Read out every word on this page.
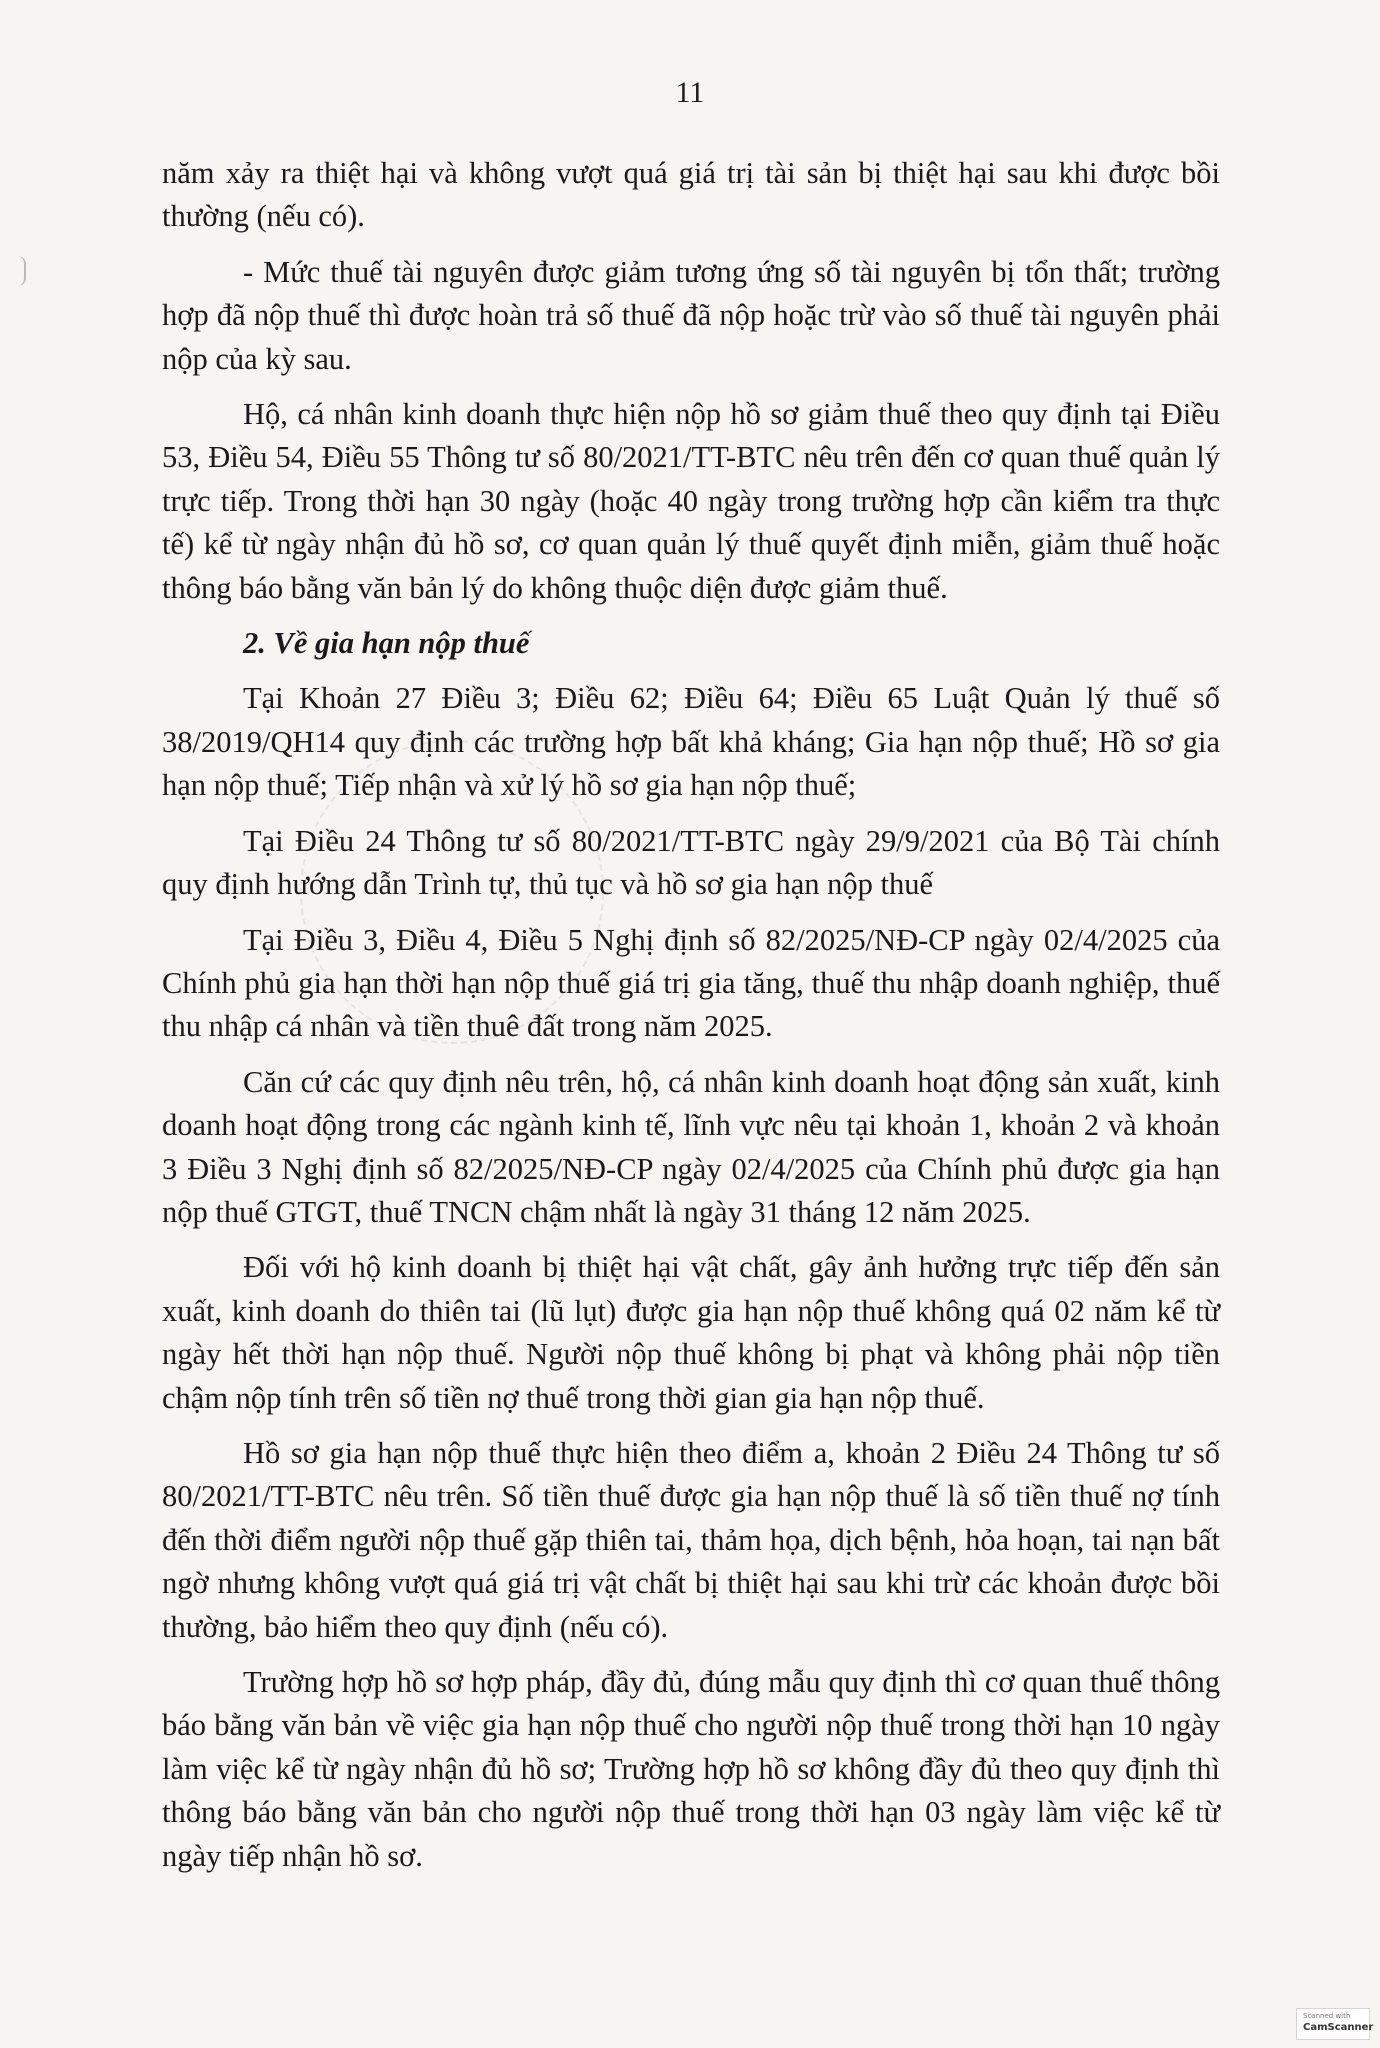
11

năm xảy ra thiệt hại và không vượt quá giá trị tài sản bị thiệt hại sau khi được bồi thường (nếu có).

- Mức thuế tài nguyên được giảm tương ứng số tài nguyên bị tổn thất; trường hợp đã nộp thuế thì được hoàn trả số thuế đã nộp hoặc trừ vào số thuế tài nguyên phải nộp của kỳ sau.

Hộ, cá nhân kinh doanh thực hiện nộp hồ sơ giảm thuế theo quy định tại Điều 53, Điều 54, Điều 55 Thông tư số 80/2021/TT-BTC nêu trên đến cơ quan thuế quản lý trực tiếp. Trong thời hạn 30 ngày (hoặc 40 ngày trong trường hợp cần kiểm tra thực tế) kể từ ngày nhận đủ hồ sơ, cơ quan quản lý thuế quyết định miễn, giảm thuế hoặc thông báo bằng văn bản lý do không thuộc diện được giảm thuế.

2. Về gia hạn nộp thuế

Tại Khoản 27 Điều 3; Điều 62; Điều 64; Điều 65 Luật Quản lý thuế số 38/2019/QH14 quy định các trường hợp bất khả kháng; Gia hạn nộp thuế; Hồ sơ gia hạn nộp thuế; Tiếp nhận và xử lý hồ sơ gia hạn nộp thuế;

Tại Điều 24 Thông tư số 80/2021/TT-BTC ngày 29/9/2021 của Bộ Tài chính quy định hướng dẫn Trình tự, thủ tục và hồ sơ gia hạn nộp thuế

Tại Điều 3, Điều 4, Điều 5 Nghị định số 82/2025/NĐ-CP ngày 02/4/2025 của Chính phủ gia hạn thời hạn nộp thuế giá trị gia tăng, thuế thu nhập doanh nghiệp, thuế thu nhập cá nhân và tiền thuê đất trong năm 2025.

Căn cứ các quy định nêu trên, hộ, cá nhân kinh doanh hoạt động sản xuất, kinh doanh hoạt động trong các ngành kinh tế, lĩnh vực nêu tại khoản 1, khoản 2 và khoản 3 Điều 3 Nghị định số 82/2025/NĐ-CP ngày 02/4/2025 của Chính phủ được gia hạn nộp thuế GTGT, thuế TNCN chậm nhất là ngày 31 tháng 12 năm 2025.

Đối với hộ kinh doanh bị thiệt hại vật chất, gây ảnh hưởng trực tiếp đến sản xuất, kinh doanh do thiên tai (lũ lụt) được gia hạn nộp thuế không quá 02 năm kể từ ngày hết thời hạn nộp thuế. Người nộp thuế không bị phạt và không phải nộp tiền chậm nộp tính trên số tiền nợ thuế trong thời gian gia hạn nộp thuế.

Hồ sơ gia hạn nộp thuế thực hiện theo điểm a, khoản 2 Điều 24 Thông tư số 80/2021/TT-BTC nêu trên. Số tiền thuế được gia hạn nộp thuế là số tiền thuế nợ tính đến thời điểm người nộp thuế gặp thiên tai, thảm họa, dịch bệnh, hỏa hoạn, tai nạn bất ngờ nhưng không vượt quá giá trị vật chất bị thiệt hại sau khi trừ các khoản được bồi thường, bảo hiểm theo quy định (nếu có).

Trường hợp hồ sơ hợp pháp, đầy đủ, đúng mẫu quy định thì cơ quan thuế thông báo bằng văn bản về việc gia hạn nộp thuế cho người nộp thuế trong thời hạn 10 ngày làm việc kể từ ngày nhận đủ hồ sơ; Trường hợp hồ sơ không đầy đủ theo quy định thì thông báo bằng văn bản cho người nộp thuế trong thời hạn 03 ngày làm việc kể từ ngày tiếp nhận hồ sơ.

Scanned with
CamScanner
